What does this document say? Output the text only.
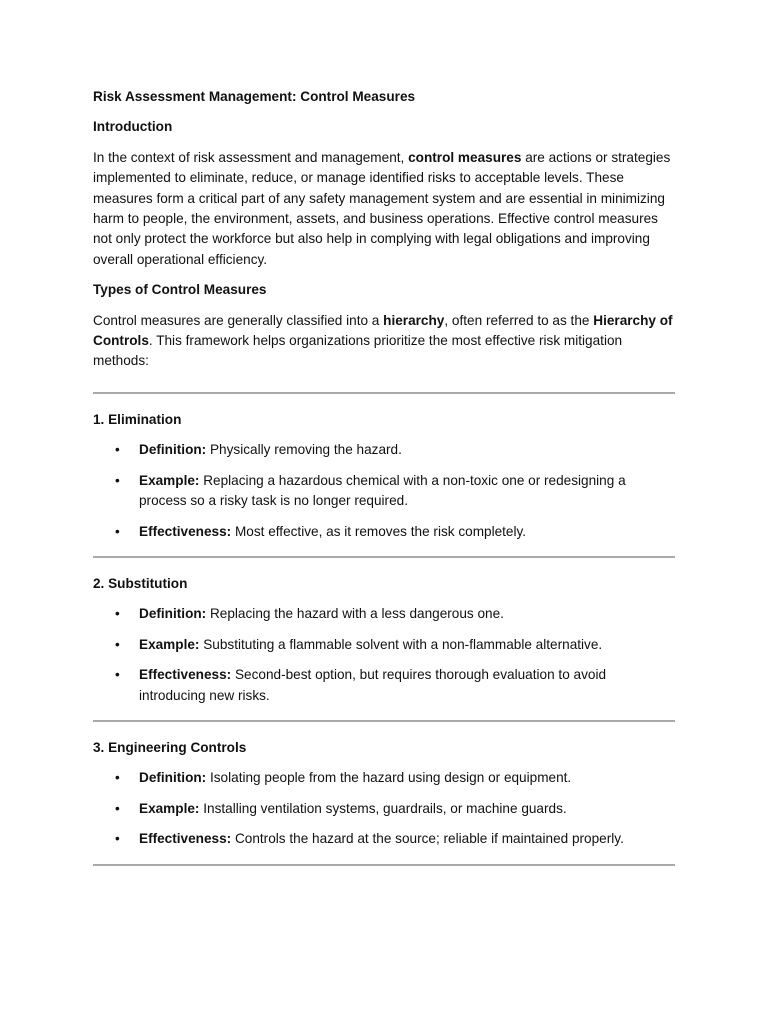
Risk Assessment Management: Control Measures
Introduction

In the context of risk assessment and management, control measures are actions or strategies implemented to eliminate, reduce, or manage identified risks to acceptable levels. These measures form a critical part of any safety management system and are essential in minimizing harm to people, the environment, assets, and business operations. Effective control measures not only protect the workforce but also help in complying with legal obligations and improving overall operational efficiency.

Types of Control Measures

Control measures are generally classified into a hierarchy, often referred to as the Hierarchy of Controls. This framework helps organizations prioritize the most effective risk mitigation methods:

1. Elimination
• Definition: Physically removing the hazard.
• Example: Replacing a hazardous chemical with a non-toxic one or redesigning a process so a risky task is no longer required.
• Effectiveness: Most effective, as it removes the risk completely.
2. Substitution
• Definition: Replacing the hazard with a less dangerous one.
• Example: Substituting a flammable solvent with a non-flammable alternative.
• Effectiveness: Second-best option, but requires thorough evaluation to avoid introducing new risks.
3. Engineering Controls
• Definition: Isolating people from the hazard using design or equipment.
• Example: Installing ventilation systems, guardrails, or machine guards.
• Effectiveness: Controls the hazard at the source; reliable if maintained properly.
